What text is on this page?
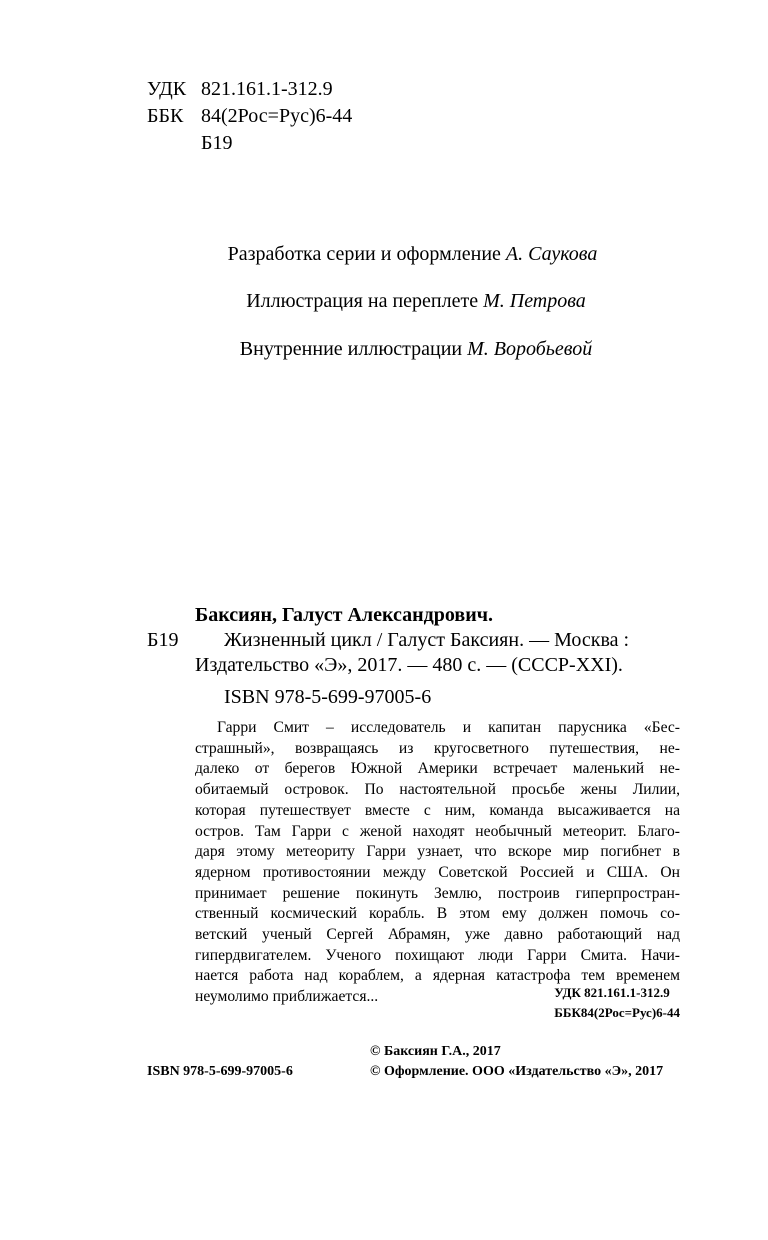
УДК 821.161.1-312.9
ББК 84(2Рос=Рус)6-44
Б19
Разработка серии и оформление А. Саукова
Иллюстрация на переплете М. Петрова
Внутренние иллюстрации М. Воробьевой
Баксиян, Галуст Александрович.
Б19 Жизненный цикл / Галуст Баксиян. — Москва :
Издательство «Э», 2017. — 480 с. — (СССР-XXI).
ISBN 978-5-699-97005-6
Гарри Смит – исследователь и капитан парусника «Бес-
страшный», возвращаясь из кругосветного путешествия, не-
далеко от берегов Южной Америки встречает маленький не-
обитаемый островок. По настоятельной просьбе жены Лилии,
которая путешествует вместе с ним, команда высаживается на
остров. Там Гарри с женой находят необычный метеорит. Благо-
даря этому метеориту Гарри узнает, что вскоре мир погибнет в
ядерном противостоянии между Советской Россией и США. Он
принимает решение покинуть Землю, построив гиперпростран-
ственный космический корабль. В этом ему должен помочь со-
ветский ученый Сергей Абрамян, уже давно работающий над
гипердвигателем. Ученого похищают люди Гарри Смита. Начи-
нается работа над кораблем, а ядерная катастрофа тем временем
неумолимо приближается...	УДК 821.161.1-312.9
ББК84(2Рос=Рус)6-44
ISBN 978-5-699-97005-6
© Баксиян Г.А., 2017
© Оформление. ООО «Издательство «Э», 2017
